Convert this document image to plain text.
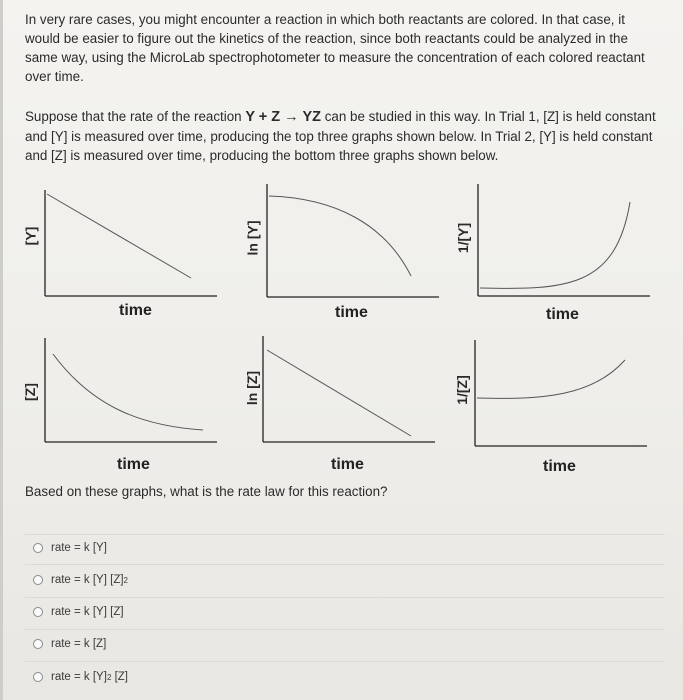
In very rare cases, you might encounter a reaction in which both reactants are colored. In that case, it would be easier to figure out the kinetics of the reaction, since both reactants could be analyzed in the same way, using the MicroLab spectrophotometer to measure the concentration of each colored reactant over time.
Suppose that the rate of the reaction Y + Z → YZ can be studied in this way. In Trial 1, [Z] is held constant and [Y] is measured over time, producing the top three graphs shown below. In Trial 2, [Y] is held constant and [Z] is measured over time, producing the bottom three graphs shown below.
[Y]
time
ln [Y]
time
1/[Y]
time
[Z]
time
ln [Z]
time
1/[Z]
time
Based on these graphs, what is the rate law for this reaction?
rate = k [Y]
rate = k [Y] [Z] 2
rate = k [Y] [Z]
rate = k [Z]
rate = k [Y] 2 [Z]
